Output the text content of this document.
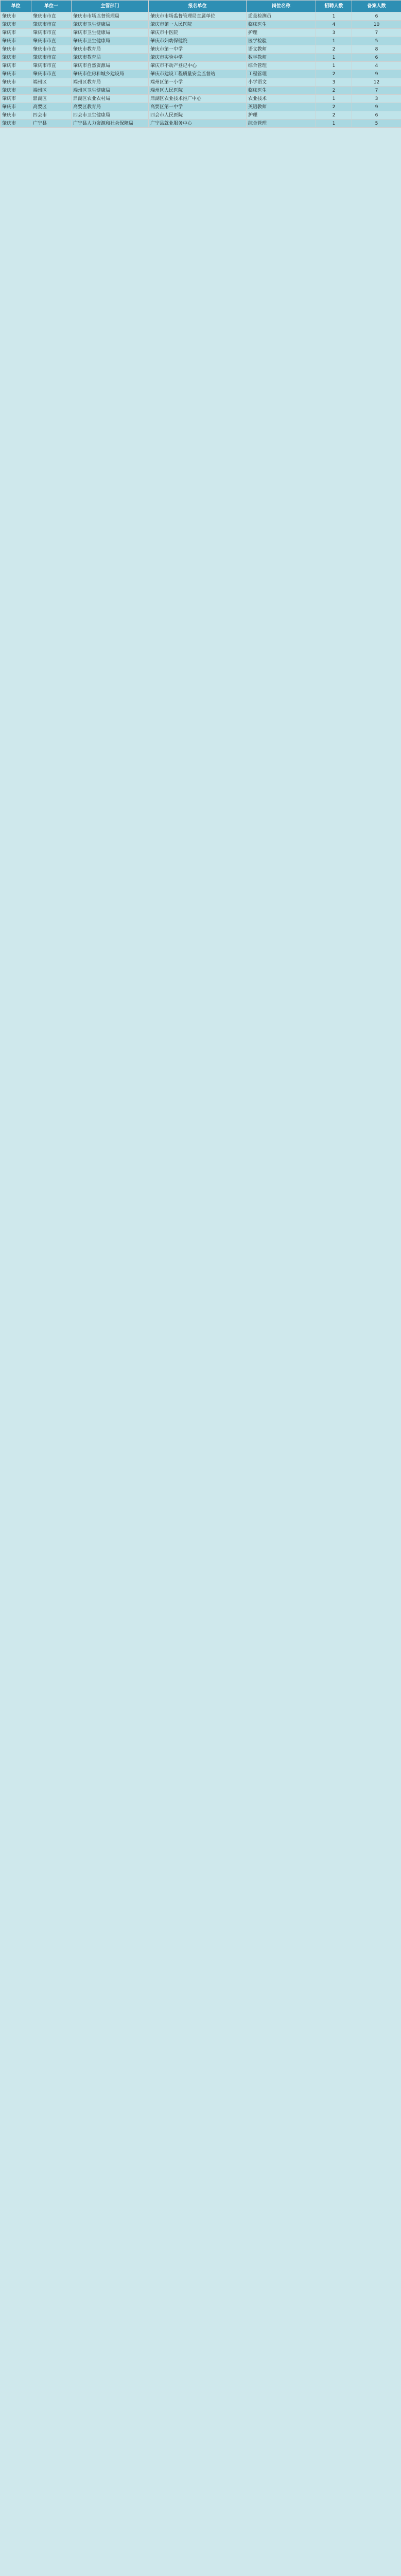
单位	单位一	主管部门	报名单位	岗位名称	招聘人数	备案人数
肇庆市	肇庆市市直	肇庆市市场监督管理局	肇庆市市场监督管理局直属单位	质量检测员	1	6
肇庆市	肇庆市市直	肇庆市卫生健康局	肇庆市第一人民医院	临床医生	4	10
肇庆市	肇庆市市直	肇庆市卫生健康局	肇庆市中医院	护理	3	7
肇庆市	肇庆市市直	肇庆市卫生健康局	肇庆市妇幼保健院	医学检验	1	5
肇庆市	肇庆市市直	肇庆市教育局	肇庆市第一中学	语文教师	2	8
肇庆市	肇庆市市直	肇庆市教育局	肇庆市实验中学	数学教师	1	6
肇庆市	肇庆市市直	肇庆市自然资源局	肇庆市不动产登记中心	综合管理	1	4
肇庆市	肇庆市市直	肇庆市住房和城乡建设局	肇庆市建设工程质量安全监督站	工程管理	2	9
肇庆市	端州区	端州区教育局	端州区第一小学	小学语文	3	12
肇庆市	端州区	端州区卫生健康局	端州区人民医院	临床医生	2	7
肇庆市	鼎湖区	鼎湖区农业农村局	鼎湖区农业技术推广中心	农业技术	1	3
肇庆市	高要区	高要区教育局	高要区第一中学	英语教师	2	9
肇庆市	四会市	四会市卫生健康局	四会市人民医院	护理	2	6
肇庆市	广宁县	广宁县人力资源和社会保障局	广宁县就业服务中心	综合管理	1	5
